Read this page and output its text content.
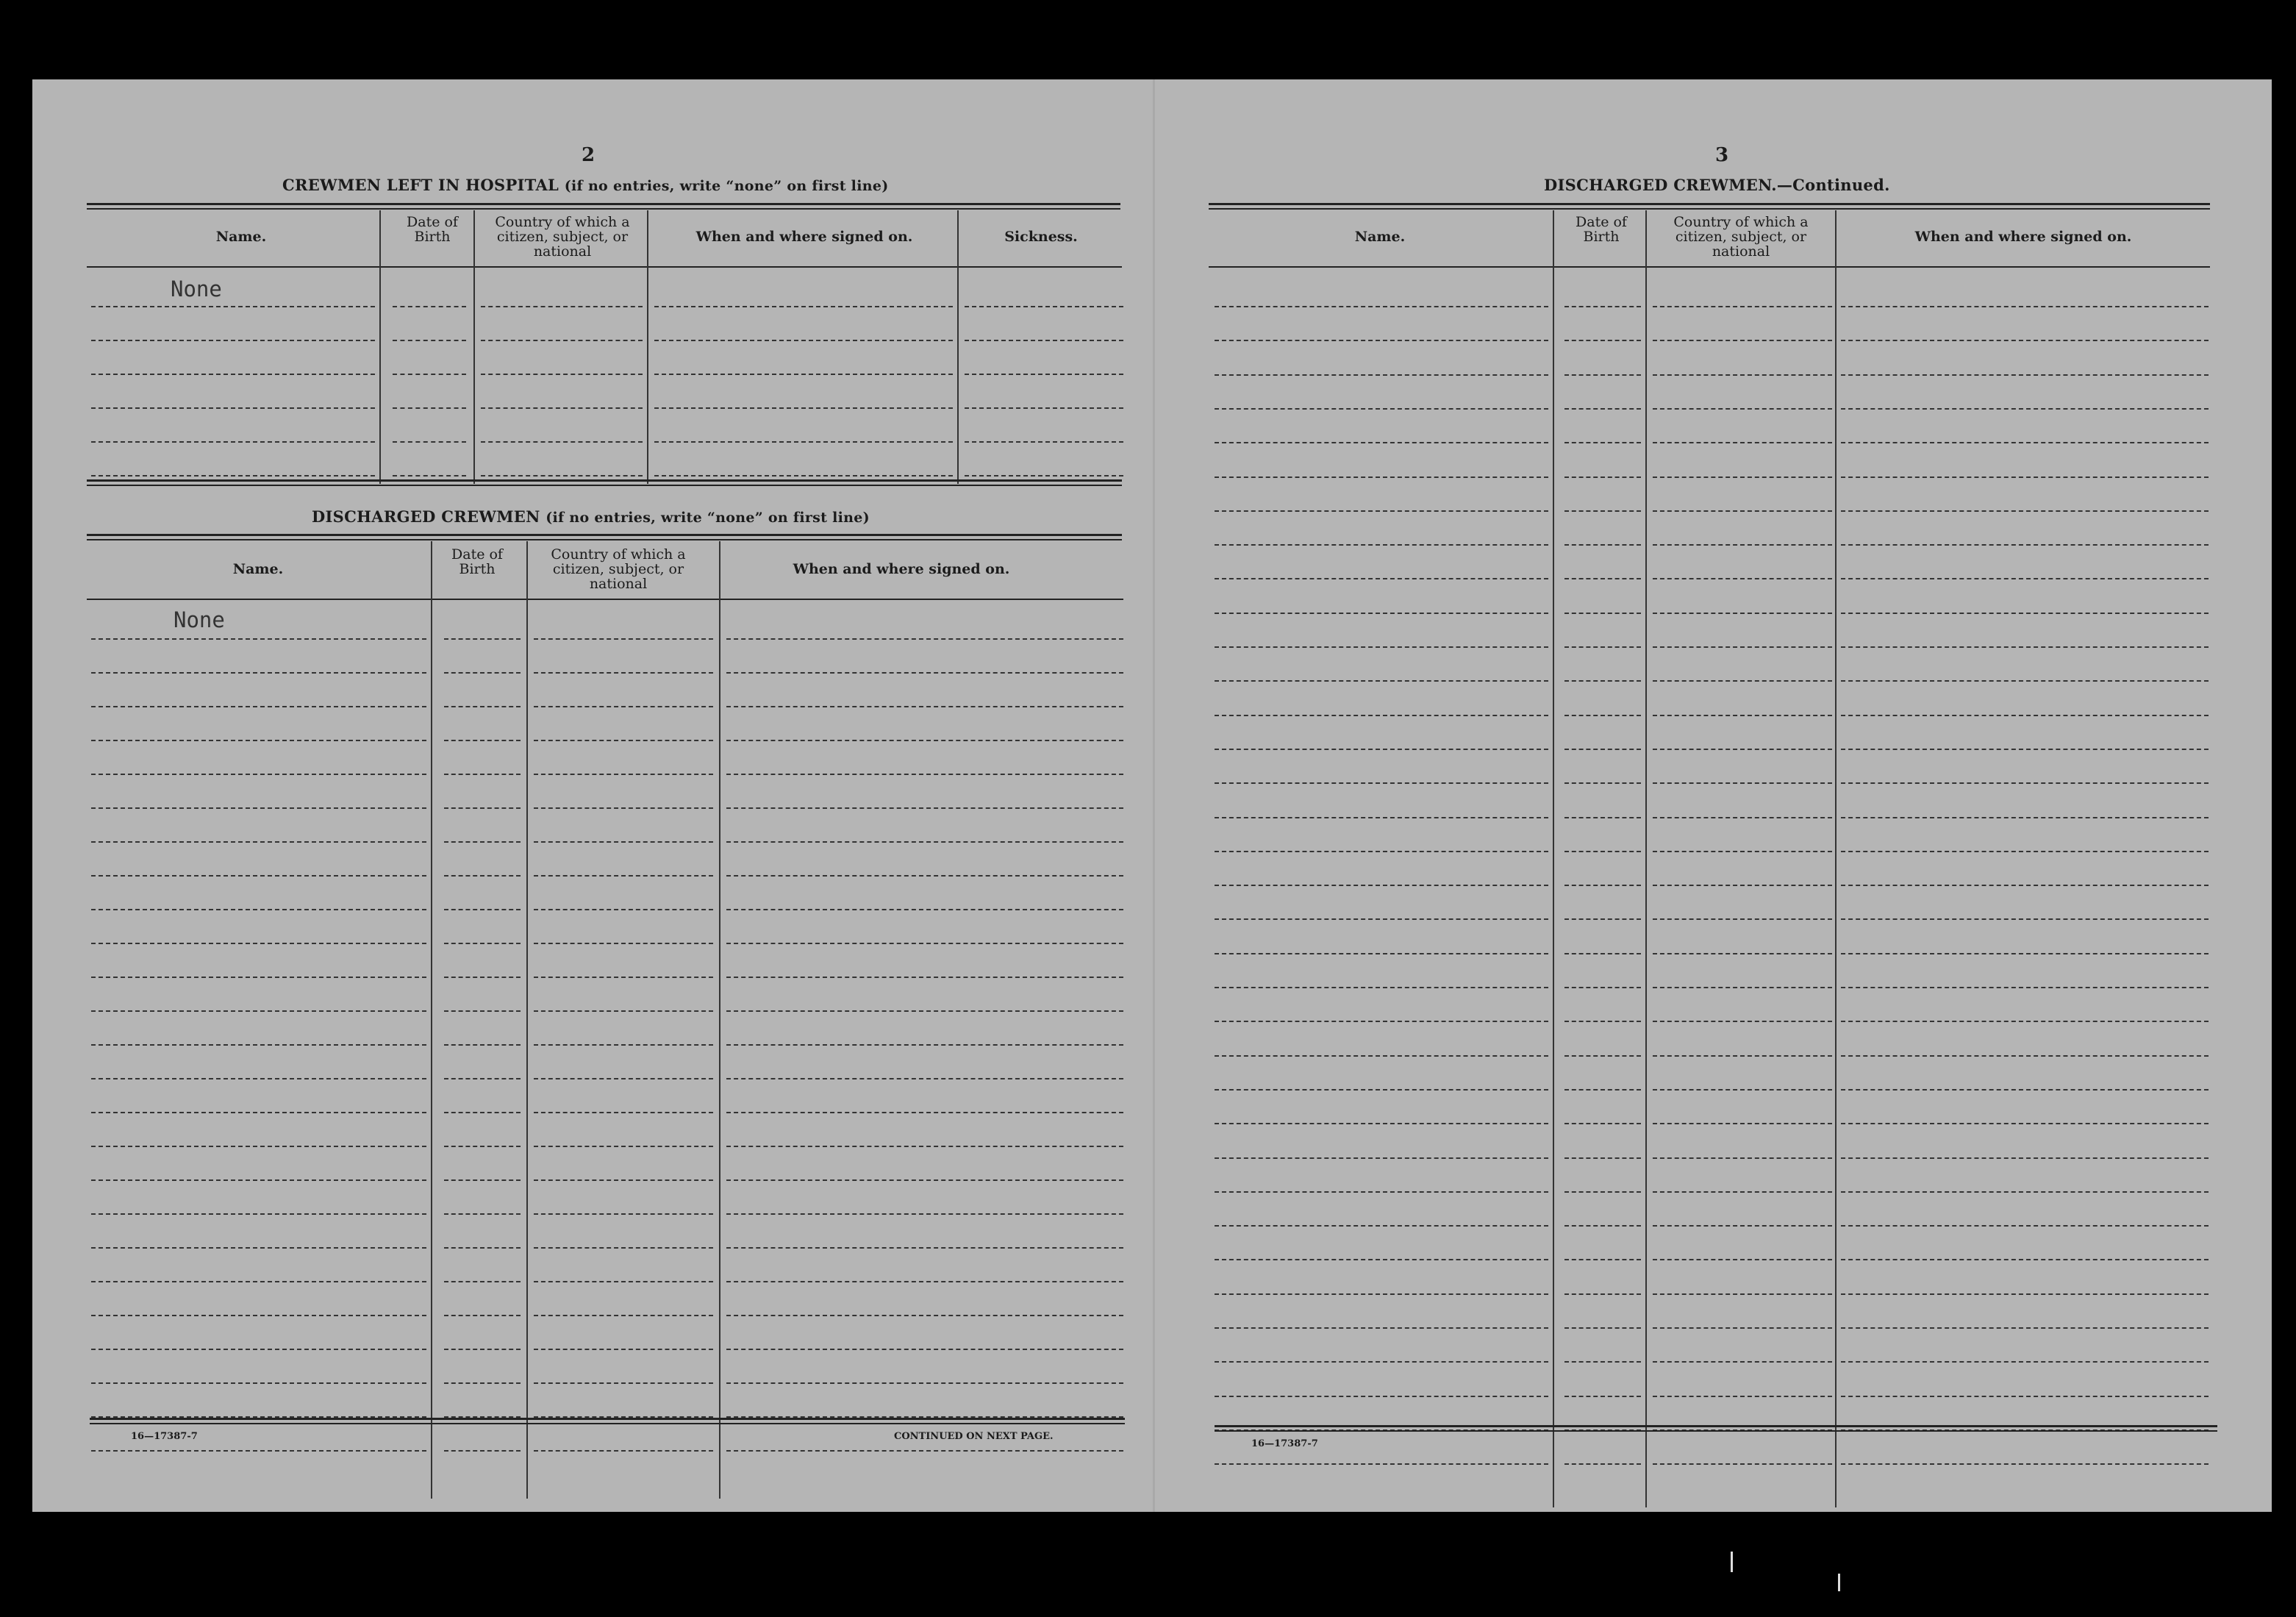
2
CREWMEN LEFT IN HOSPITAL (if no entries, write “none” on first line)
Name.
Date of Birth
Country of which a citizen, subject, or national
When and where signed on.	Sickness.
None
DISCHARGED CREWMEN (if no entries, write “none” on first line)
Name.
Date of Birth
Country of which a citizen, subject, or national
When and where signed on.
None
16—17387-7	CONTINUED ON NEXT PAGE.
3
DISCHARGED CREWMEN.—Continued.
Name.
Date of Birth
Country of which a citizen, subject, or national
When and where signed on.
16—17387-7
